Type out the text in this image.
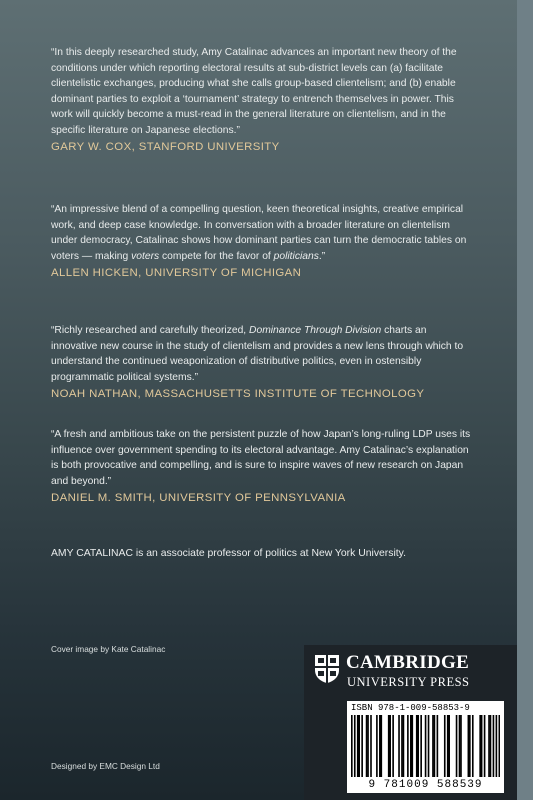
“In this deeply researched study, Amy Catalinac advances an important new theory of the conditions under which reporting electoral results at sub-district levels can (a) facilitate clientelistic exchanges, producing what she calls group-based clientelism; and (b) enable dominant parties to exploit a ‘tournament’ strategy to entrench themselves in power. This work will quickly become a must-read in the general literature on clientelism, and in the specific literature on Japanese elections.”

GARY W. COX, STANFORD UNIVERSITY

“An impressive blend of a compelling question, keen theoretical insights, creative empirical work, and deep case knowledge. In conversation with a broader literature on clientelism under democracy, Catalinac shows how dominant parties can turn the democratic tables on voters — making voters compete for the favor of politicians.”

ALLEN HICKEN, UNIVERSITY OF MICHIGAN

“Richly researched and carefully theorized, Dominance Through Division charts an innovative new course in the study of clientelism and provides a new lens through which to understand the continued weaponization of distributive politics, even in ostensibly programmatic political systems.”

NOAH NATHAN, MASSACHUSETTS INSTITUTE OF TECHNOLOGY

“A fresh and ambitious take on the persistent puzzle of how Japan’s long-ruling LDP uses its influence over government spending to its electoral advantage. Amy Catalinac’s explanation is both provocative and compelling, and is sure to inspire waves of new research on Japan and beyond.”

DANIEL M. SMITH, UNIVERSITY OF PENNSYLVANIA
AMY CATALINAC is an associate professor of politics at New York University.
Cover image by Kate Catalinac
Designed by EMC Design Ltd
CAMBRIDGE
UNIVERSITY PRESS
ISBN 978-1-009-58853-9
9 781009 588539
